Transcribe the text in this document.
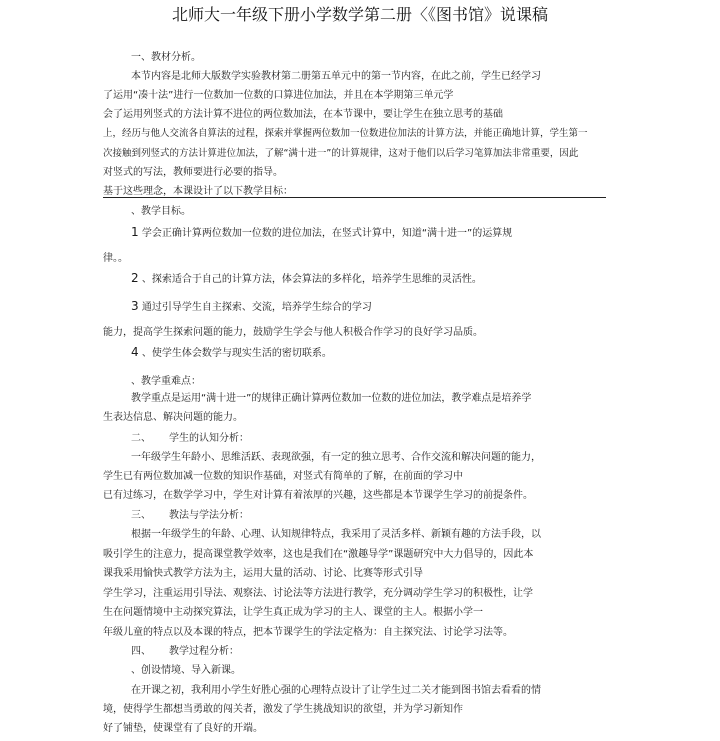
北师大一年级下册小学数学第二册〈《图书馆》说课稿
一、教材分析。
本节内容是北师大版数学实验教材第二册第五单元中的第一节内容，在此之前，学生已经学习
了运用“凑十法”进行一位数加一位数的口算进位加法，并且在本学期第三单元学
会了运用列竖式的方法计算不进位的两位数加法，在本节课中，要让学生在独立思考的基础
上，经历与他人交流各自算法的过程，探索并掌握两位数加一位数进位加法的计算方法，并能正确地计算，学生第一
次接触到列竖式的方法计算进位加法，了解“满十进一”的计算规律，这对于他们以后学习笔算加法非常重要，因此
对竖式的写法，教师要进行必要的指导。
基于这些理念，本课设计了以下教学目标：
、教学目标。
1 学会正确计算两位数加一位数的进位加法，在竖式计算中，知道“满十进一”的运算规
律。。
2 、探索适合于自己的计算方法，体会算法的多样化，培养学生思维的灵活性。
3 通过引导学生自主探索、交流，培养学生综合的学习
能力，提高学生探索问题的能力，鼓励学生学会与他人积极合作学习的良好学习品质。
4 、使学生体会数学与现实生活的密切联系。
、教学重难点：
教学重点是运用“满十进一”的规律正确计算两位数加一位数的进位加法，教学难点是培养学
生表达信息、解决问题的能力。
二、 学生的认知分析：
一年级学生年龄小、思维活跃、表现欲强，有一定的独立思考、合作交流和解决问题的能力，
学生已有两位数加减一位数的知识作基础，对竖式有简单的了解，在前面的学习中
已有过练习，在数学学习中，学生对计算有着浓厚的兴趣，这些都是本节课学生学习的前提条件。
三、 教法与学法分析：
根据一年级学生的年龄、心理、认知规律特点，我采用了灵活多样、新颖有趣的方法手段，以
吸引学生的注意力，提高课堂教学效率，这也是我们在“激趣导学”课题研究中大力倡导的，因此本
课我采用愉快式教学方法为主，运用大量的活动、讨论、比赛等形式引导
学生学习，注重运用引导法、观察法、讨论法等方法进行教学，充分调动学生学习的积极性，让学
生在问题情境中主动探究算法，让学生真正成为学习的主人、课堂的主人。根据小学一
年级儿童的特点以及本课的特点，把本节课学生的学法定格为：自主探究法、讨论学习法等。
四、 教学过程分析：
、创设情境、导入新课。
在开课之初，我利用小学生好胜心强的心理特点设计了让学生过二关才能到图书馆去看看的情
境，使得学生都想当勇敢的闯关者，激发了学生挑战知识的欲望，并为学习新知作
好了铺垫，使课堂有了良好的开端。
